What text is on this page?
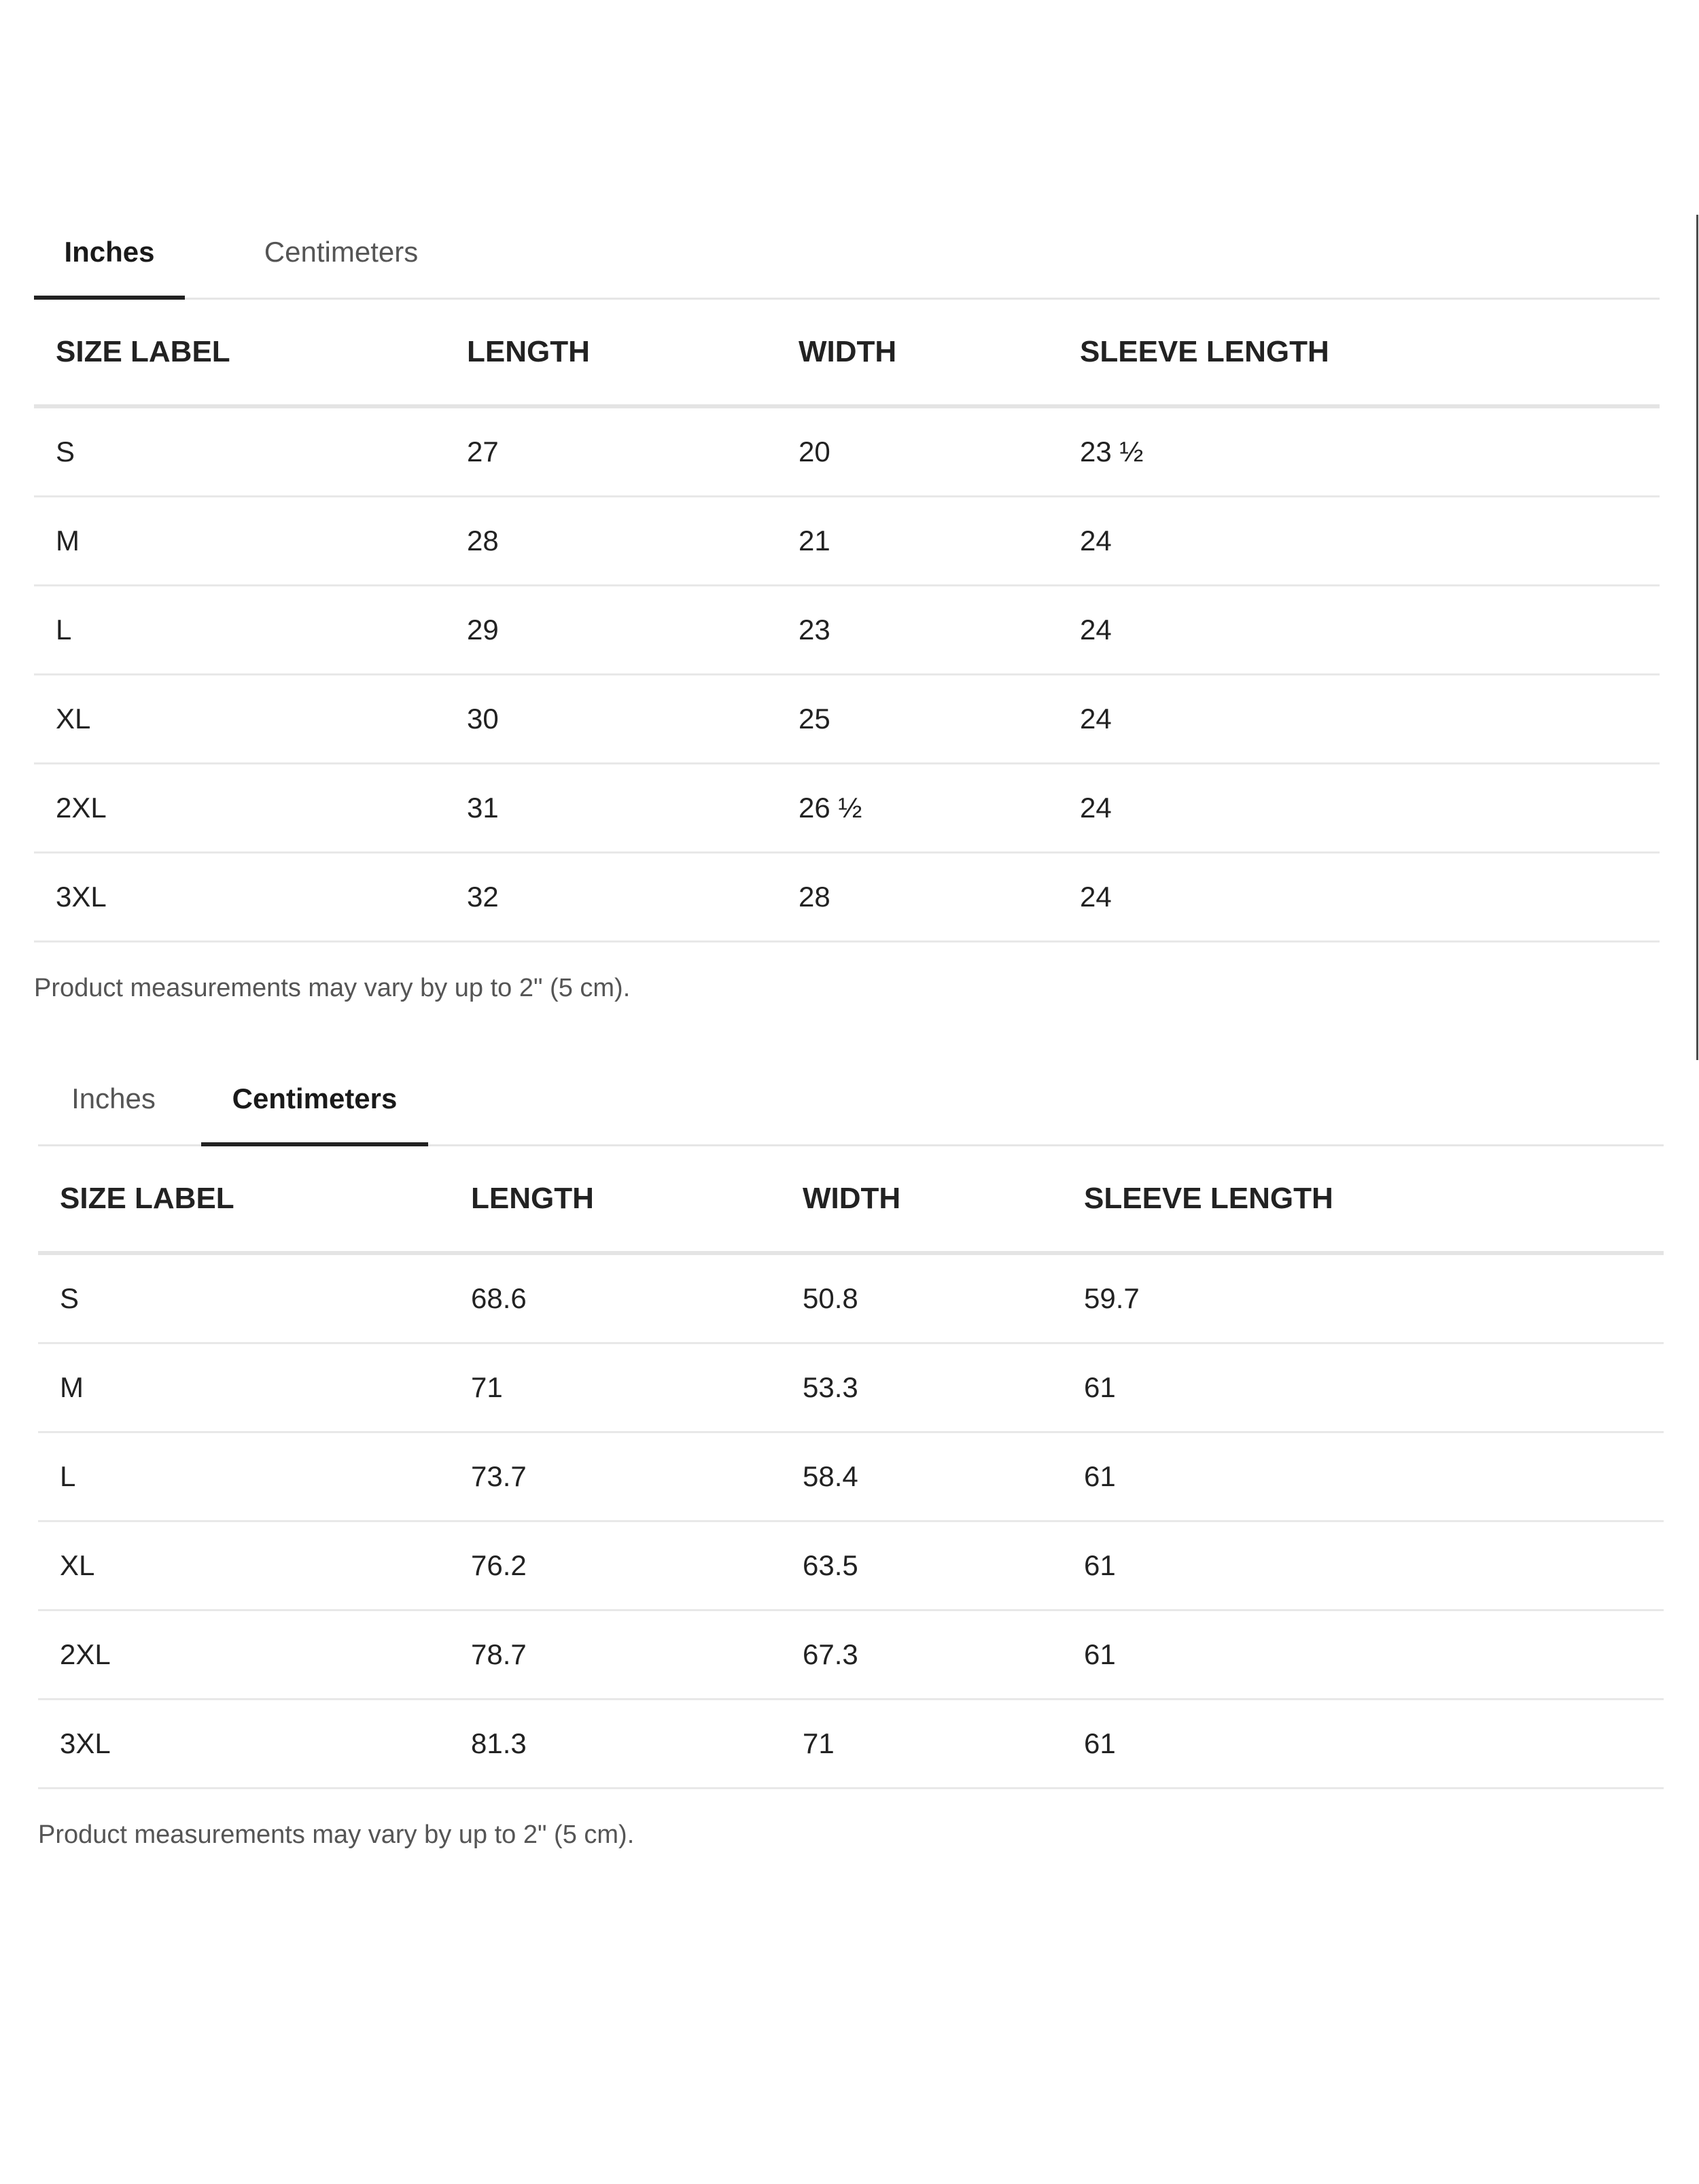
Inches	Centimeters
SIZE LABEL	LENGTH	WIDTH	SLEEVE LENGTH
S	27	20	23 ½
M	28	21	24
L	29	23	24
XL	30	25	24
2XL	31	26 ½	24
3XL	32	28	24
Product measurements may vary by up to 2" (5 cm).
Inches	Centimeters
SIZE LABEL	LENGTH	WIDTH	SLEEVE LENGTH
S	68.6	50.8	59.7
M	71	53.3	61
L	73.7	58.4	61
XL	76.2	63.5	61
2XL	78.7	67.3	61
3XL	81.3	71	61
Product measurements may vary by up to 2" (5 cm).
